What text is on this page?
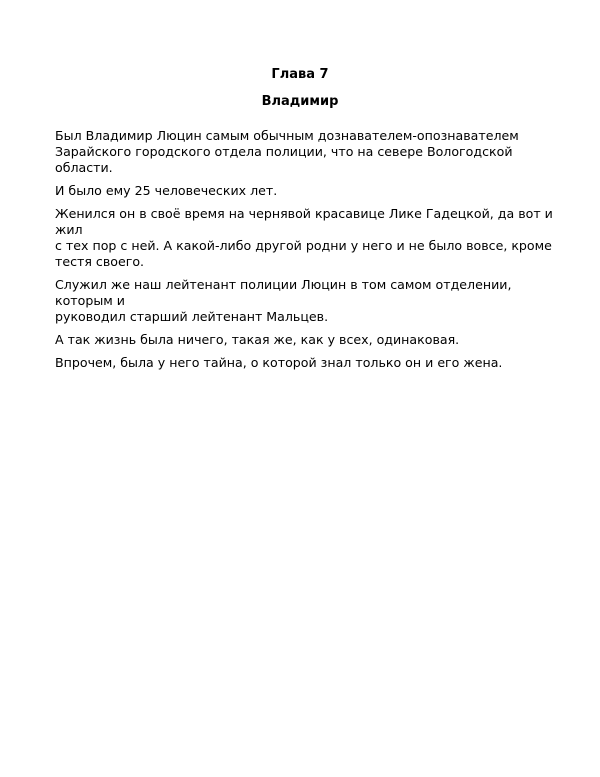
Глава 7
Владимир

Был Владимир Люцин самым обычным дознавателем-опознавателем
Зарайского городского отдела полиции, что на севере Вологодской области.

И было ему 25 человеческих лет.

Женился он в своё время на чернявой красавице Лике Гадецкой, да вот и жил
с тех пор с ней. А какой-либо другой родни у него и не было вовсе, кроме
тестя своего.

Служил же наш лейтенант полиции Люцин в том самом отделении, которым и
руководил старший лейтенант Мальцев.

А так жизнь была ничего, такая же, как у всех, одинаковая.

Впрочем, была у него тайна, о которой знал только он и его жена.
